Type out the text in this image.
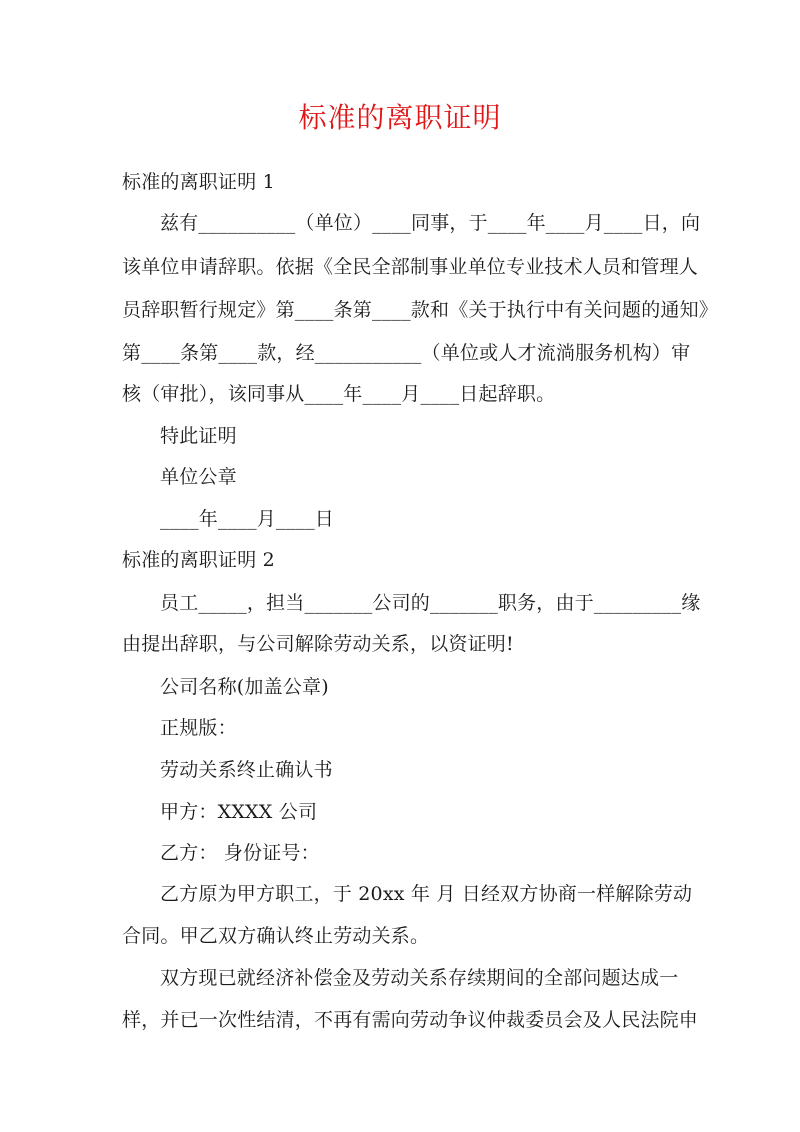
标准的离职证明
标准的离职证明 1
兹有__________（单位）____同事，于____年____月____日，向
该单位申请辞职。依据《全民全部制事业单位专业技术人员和管理人
员辞职暂行规定》第____条第____款和《关于执行中有关问题的通知》
第____条第____款，经___________（单位或人才流淌服务机构）审
核（审批），该同事从____年____月____日起辞职。
特此证明
单位公章
____年____月____日
标准的离职证明 2
员工_____，担当_______公司的_______职务，由于_________缘
由提出辞职，与公司解除劳动关系，以资证明!
公司名称(加盖公章)
正规版：
劳动关系终止确认书
甲方：XXXX 公司
乙方： 身份证号：
乙方原为甲方职工，于 20xx 年 月 日经双方协商一样解除劳动
合同。甲乙双方确认终止劳动关系。
双方现已就经济补偿金及劳动关系存续期间的全部问题达成一
样，并已一次性结清，不再有需向劳动争议仲裁委员会及人民法院申
